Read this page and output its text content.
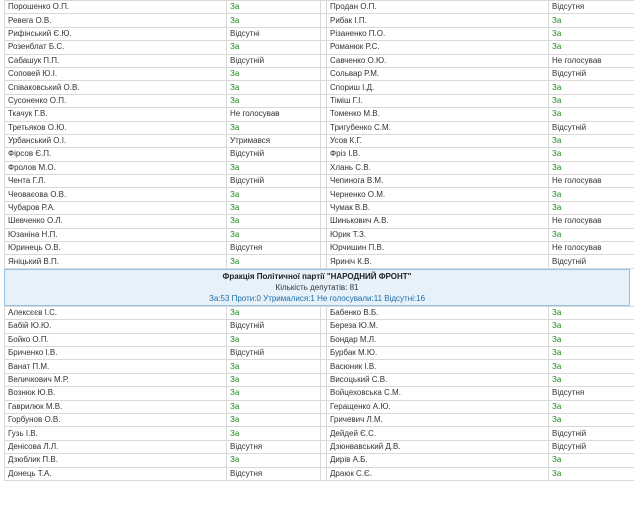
Порошенко О.П.	За		Продан О.П.	Відсутня
Ревега О.В.	За		Рибак І.П.	За
Рифінський Є.Ю.	Відсутні		Різаненко П.О.	За
Розенблат Б.С.	За		Романюк Р.С.	За
Сабашук П.П.	Відсутній		Савченко О.Ю.	Не голосував
Соповей Ю.І.	За		Сольвар Р.М.	Відсутній
Співаковський О.В.	За		Спориш І.Д.	За
Сусоненко О.П.	За		Тіміш Г.І.	За
Ткачук Г.В.	Не голосував		Томенко М.В.	За
Третьяков О.Ю.	За		Тригубенко С.М.	Відсутній
Урбанський О.І.	Утримався		Усов К.Г.	За
Фірсов Є.П.	Відсутній		Фріз І.В.	За
Фролов М.О.	За		Хлань С.В.	За
Чента Г.Л.	Відсутній		Чепинога В.М.	Не голосував
Чеоваєова О.В.	За		Черненко О.М.	За
Чубаров Р.А.	За		Чумак В.В.	За
Шевченко О.Л.	За		Шинькович А.В.	Не голосував
Юзаніна Н.П.	За		Юрик Т.З.	За
Юринець О.В.	Відсутня		Юрчишин П.В.	Не голосував
Яніцький В.П.	За		Яриніч К.В.	Відсутній
Фракція Політичної партії "НАРОДНИЙ ФРОНТ"
Кількість депутатів: 81
За:53 Проти:0 Утрималися:1 Не голосували:11 Відсутні:16
Алексєєв І.С.	За		Бабенко В.Б.	За
Бабій Ю.Ю.	Відсутній		Береза Ю.М.	За
Бойко О.П.	За		Бондар М.Л.	За
Бриченко І.В.	Відсутній		Бурбак М.Ю.	За
Ванат П.М.	За		Васюник І.В.	За
Величкович М.Р.	За		Висоцький С.В.	За
Вознюк Ю.В.	За		Войцеховська С.М.	Відсутня
Гаврилюк М.В.	За		Геращенко А.Ю.	За
Горбунов О.В.	За		Гричевич Л.М.	За
Гузь І.В.	За		Дейдей Є.С.	Відсутній
Денісова Л.Л.	Відсутня		Дзюнвавський Д.В.	Відсутній
Дзюблик П.В.	За		Дирів А.Б.	За
Донець Т.А.	Відсутня		Драюк С.Є.	За
